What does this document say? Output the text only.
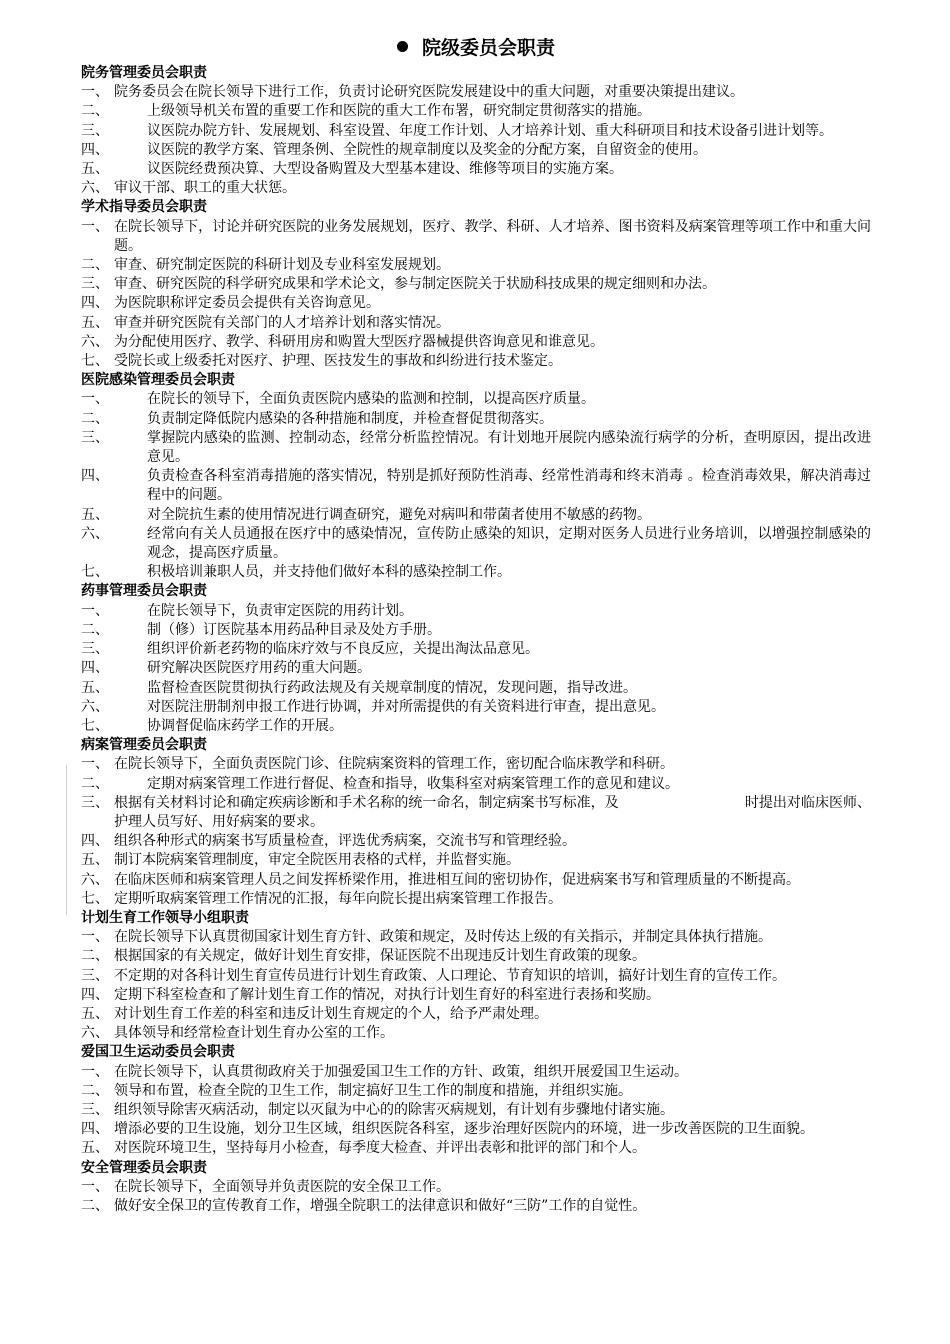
院级委员会职责
院务管理委员会职责
一、 院务委员会在院长领导下进行工作，负责讨论研究医院发展建设中的重大问题，对重要决策提出建议。
二、	上级领导机关布置的重要工作和医院的重大工作布署，研究制定贯彻落实的措施。
三、	议医院办院方针、发展规划、科室设置、年度工作计划、人才培养计划、重大科研项目和技术设备引进计划等。
四、	议医院的教学方案、管理条例、全院性的规章制度以及奖金的分配方案，自留资金的使用。
五、	议医院经费预决算、大型设备购置及大型基本建设、维修等项目的实施方案。
六、 审议干部、职工的重大状惩。
学术指导委员会职责
一、 在院长领导下，讨论并研究医院的业务发展规划，医疗、教学、科研、人才培养、图书资料及病案管理等项工作中和重大问题。
二、 审查、研究制定医院的科研计划及专业科室发展规划。
三、 审查、研究医院的科学研究成果和学术论文，参与制定医院关于状励科技成果的规定细则和办法。
四、 为医院职称评定委员会提供有关咨询意见。
五、 审查并研究医院有关部门的人才培养计划和落实情况。
六、 为分配使用医疗、教学、科研用房和购置大型医疗器械提供咨询意见和谁意见。
七、 受院长或上级委托对医疗、护理、医技发生的事故和纠纷进行技术鉴定。
医院感染管理委员会职责
一、	在院长的领导下，全面负责医院内感染的监测和控制，以提高医疗质量。
二、	负责制定降低院内感染的各种措施和制度，并检查督促贯彻落实。
三、	掌握院内感染的监测、控制动态，经常分析监控情况。有计划地开展院内感染流行病学的分析，查明原因，提出改进意见。
四、	负责检查各科室消毒措施的落实情况，特别是抓好预防性消毒、经常性消毒和终末消毒 。检查消毒效果，解决消毒过程中的问题。
五、	对全院抗生素的使用情况进行调查研究，避免对病叫和带菌者使用不敏感的药物。
六、	经常向有关人员通报在医疗中的感染情况，宣传防止感染的知识，定期对医务人员进行业务培训，以增强控制感染的观念，提高医疗质量。
七、	积极培训兼职人员，并支持他们做好本科的感染控制工作。
药事管理委员会职责
一、	在院长领导下，负责审定医院的用药计划。
二、	制（修）订医院基本用药品种目录及处方手册。
三、	组织评价新老药物的临床疗效与不良反应，关提出淘汰品意见。
四、	研究解决医院医疗用药的重大问题。
五、	监督检查医院贯彻执行药政法规及有关规章制度的情况，发现问题，指导改进。
六、	对医院注册制剂申报工作进行协调，并对所需提供的有关资料进行审查，提出意见。
七、	协调督促临床药学工作的开展。
病案管理委员会职责
一、 在院长领导下，全面负责医院门诊、住院病案资料的管理工作，密切配合临床教学和科研。
二、	定期对病案管理工作进行督促、检查和指导，收集科室对病案管理工作的意见和建议。
三、 根据有关材料讨论和确定疾病诊断和手术名称的统一命名，制定病案书写标准，及　　　　　　　　　时提出对临床医师、护理人员写好、用好病案的要求。
四、 组织各种形式的病案书写质量检查，评选优秀病案，交流书写和管理经验。
五、 制订本院病案管理制度，审定全院医用表格的式样，并监督实施。
六、 在临床医师和病案管理人员之间发挥桥梁作用，推进相互间的密切协作，促进病案书写和管理质量的不断提高。
七、 定期听取病案管理工作情况的汇报，每年向院长提出病案管理工作报告。
计划生育工作领导小组职责
一、 在院长领导下认真贯彻国家计划生育方针、政策和规定，及时传达上级的有关指示，并制定具体执行措施。
二、 根据国家的有关规定，做好计划生育安排，保证医院不出现违反计划生育政策的现象。
三、 不定期的对各科计划生育宣传员进行计划生育政策、人口理论、节育知识的培训，搞好计划生育的宣传工作。
四、 定期下科室检查和了解计划生育工作的情况，对执行计划生育好的科室进行表扬和奖励。
五、 对计划生育工作差的科室和违反计划生育规定的个人，给予严肃处理。
六、 具体领导和经常检查计划生育办公室的工作。
爱国卫生运动委员会职责
一、 在院长领导下，认真贯彻政府关于加强爱国卫生工作的方针、政策，组织开展爱国卫生运动。
二、 领导和布置，检查全院的卫生工作，制定搞好卫生工作的制度和措施，并组织实施。
三、 组织领导除害灭病活动，制定以灭鼠为中心的的除害灭病规划，有计划有步骤地付诸实施。
四、 增添必要的卫生设施，划分卫生区域，组织医院各科室，逐步治理好医院内的环境，进一步改善医院的卫生面貌。
五、 对医院环境卫生，坚持每月小检查，每季度大检查、并评出表彰和批评的部门和个人。
安全管理委员会职责
一、 在院长领导下，全面领导并负责医院的安全保卫工作。
二、 做好安全保卫的宣传教育工作，增强全院职工的法律意识和做好“三防”工作的自觉性。
